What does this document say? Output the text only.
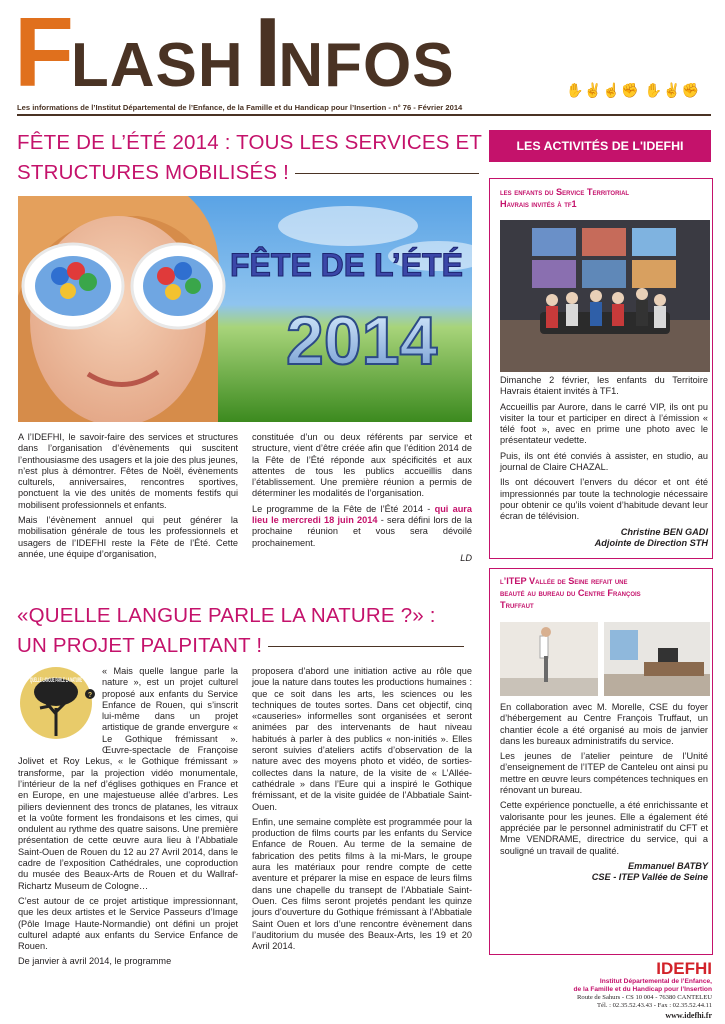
FLASH INFOS	✋✌☝✊ ✋✌✊
Les informations de l’Institut Départemental de l’Enfance, de la Famille et du Handicap pour l’Insertion - n° 76 - Février 2014
FÊTE DE L’ÉTÉ 2014 : TOUS LES SERVICES ET
STRUCTURES MOBILISÉS !
FÊTE DE L’ÉTÉ
2014

A l’IDEFHI, le savoir-faire des services et structures dans l’organisation d’évènements qui suscitent l’enthousiasme des usagers et la joie des plus jeunes, n’est plus à démontrer. Fêtes de Noël, évènements culturels, anniversaires, rencontres sportives, ponctuent la vie des unités de moments festifs qui mobilisent professionnels et enfants.

Mais l’évènement annuel qui peut générer la mobilisation générale de tous les professionnels et usagers de l’IDEFHI reste la Fête de l’Été. Cette année, une équipe d’organisation,

constituée d’un ou deux référents par service et structure, vient d’être créée afin que l’édition 2014 de la Fête de l’Été réponde aux spécificités et aux attentes de tous les publics accueillis dans l’établissement. Une première réunion a permis de déterminer les modalités de l’organisation.

Le programme de la Fête de l’Été 2014 - qui aura lieu le mercredi 18 juin 2014 - sera défini lors de la prochaine réunion et vous sera dévoilé prochainement.

LD
«QUELLE LANGUE PARLE LA NATURE ?» :
UN PROJET PALPITANT !
QUELLE LANGUE PARLE LA NATURE
?

« Mais quelle langue parle la nature », est un projet culturel proposé aux enfants du Service Enfance de Rouen, qui s’inscrit lui-même dans un projet artistique de grande envergure « Le Gothique frémissant ». Œuvre-spectacle de Françoise Jolivet et Roy Lekus, « le Gothique frémissant » transforme, par la projection vidéo monumentale, l’intérieur de la nef d’églises gothiques en France et en Europe, en une majestueuse allée d’arbres. Les piliers deviennent des troncs de platanes, les vitraux et la voûte forment les frondaisons et les cimes, qui ondulent au rythme des quatre saisons. Une première présentation de cette œuvre aura lieu à l’Abbatiale Saint-Ouen de Rouen du 12 au 27 Avril 2014, dans le cadre de l’exposition Cathédrales, une coproduction du musée des Beaux-Arts de Rouen et du Wallraf-Richartz Museum de Cologne…

C’est autour de ce projet artistique impressionnant, que les deux artistes et le Service Passeurs d’Image (Pôle Image Haute-Normandie) ont défini un projet culturel adapté aux enfants du Service Enfance de Rouen.

De janvier à avril 2014, le programme

proposera d’abord une initiation active au rôle que joue la nature dans toutes les productions humaines : que ce soit dans les arts, les sciences ou les techniques de toutes sortes. Dans cet objectif, cinq «causeries» informelles sont organisées et seront animées par des intervenants de haut niveau habitués à parler à des publics « non-initiés ». Elles seront suivies d’ateliers actifs d’observation de la nature avec des moyens photo et vidéo, de sorties-collectes dans la nature, de la visite de « L’Allée-cathédrale » dans l’Eure qui a inspiré le Gothique frémissant, et de la visite guidée de l’Abbatiale Saint-Ouen.

Enfin, une semaine complète est programmée pour la production de films courts par les enfants du Service Enfance de Rouen. Au terme de la semaine de fabrication des petits films à la mi-Mars, le groupe aura les matériaux pour rendre compte de cette aventure et préparer la mise en espace de leurs films dans une chapelle du transept de l’Abbatiale Saint-Ouen. Ces films seront projetés pendant les quinze jours d’ouverture du Gothique frémissant à l’Abbatiale Saint Ouen et lors d’une rencontre évènement dans l’auditorium du musée des Beaux-Arts, les 19 et 20 Avril 2014.

LES ACTIVITÉS DE L'IDEFHI
les enfants du Service Territorial
Havrais invités à tf1

Dimanche 2 février, les enfants du Territoire Havrais étaient invités à TF1.

Accueillis par Aurore, dans le carré VIP, ils ont pu visiter la tour et participer en direct à l’émission « télé foot », avec en prime une photo avec le présentateur vedette.

Puis, ils ont été conviés à assister, en studio, au journal de Claire CHAZAL.

Ils ont découvert l’envers du décor et ont été impressionnés par toute la technologie nécessaire pour obtenir ce qu’ils voient d’habitude devant leur écran de télévision.

Christine BEN GADI
Adjointe de Direction STH
l’ITEP Vallée de Seine refait une
beauté au bureau du Centre François
Truffaut

En collaboration avec M. Morelle, CSE du foyer d’hébergement au Centre François Truffaut, un chantier école a été organisé au mois de janvier dans les bureaux administratifs du service.

Les jeunes de l’atelier peinture de l’Unité d’enseignement de l’ITEP de Canteleu ont ainsi pu mettre en œuvre leurs compétences techniques en rénovant un bureau.

Cette expérience ponctuelle, a été enrichissante et valorisante pour les jeunes. Elle a également été appréciée par le personnel administratif du CFT et Mme VENDRAME, directrice du service, qui a souligné un travail de qualité.

Emmanuel BATBY
CSE - ITEP Vallée de Seine
IDEFHI
Institut Départemental de l’Enfance,
de la Famille et du Handicap pour l’Insertion
Route de Sahurs - CS 10 004 - 76380 CANTELEU
Tél. : 02.35.52.43.43 - Fax : 02.35.52.44.11
www.idefhi.fr
